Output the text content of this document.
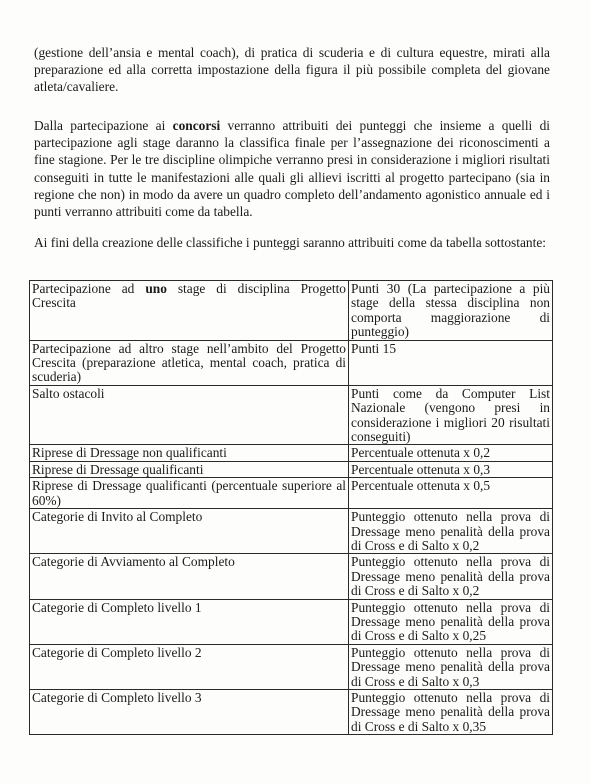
(gestione dell’ansia e mental coach), di pratica di scuderia e di cultura equestre, mirati alla preparazione ed alla corretta impostazione della figura il più possibile completa del giovane atleta/cavaliere.

Dalla partecipazione ai concorsi verranno attribuiti dei punteggi che insieme a quelli di partecipazione agli stage daranno la classifica finale per l’assegnazione dei riconoscimenti a fine stagione. Per le tre discipline olimpiche verranno presi in considerazione i migliori risultati conseguiti in tutte le manifestazioni alle quali gli allievi iscritti al progetto partecipano (sia in regione che non) in modo da avere un quadro completo dell’andamento agonistico annuale ed i punti verranno attribuiti come da tabella.

Ai fini della creazione delle classifiche i punteggi saranno attribuiti come da tabella sottostante:

Partecipazione ad uno stage di disciplina Progetto Crescita	Punti 30 (La partecipazione a più stage della stessa disciplina non comporta maggiorazione di punteggio)
Partecipazione ad altro stage nell’ambito del Progetto Crescita (preparazione atletica, mental coach, pratica di scuderia)	Punti 15
Salto ostacoli	Punti come da Computer List Nazionale (vengono presi in considerazione i migliori 20 risultati conseguiti)
Riprese di Dressage non qualificanti	Percentuale ottenuta x 0,2
Riprese di Dressage qualificanti	Percentuale ottenuta x 0,3
Riprese di Dressage qualificanti (percentuale superiore al 60%)	Percentuale ottenuta x 0,5
Categorie di Invito al Completo	Punteggio ottenuto nella prova di Dressage meno penalità della prova di Cross e di Salto x 0,2
Categorie di Avviamento al Completo	Punteggio ottenuto nella prova di Dressage meno penalità della prova di Cross e di Salto x 0,2
Categorie di Completo livello 1	Punteggio ottenuto nella prova di Dressage meno penalità della prova di Cross e di Salto x 0,25
Categorie di Completo livello 2	Punteggio ottenuto nella prova di Dressage meno penalità della prova di Cross e di Salto x 0,3
Categorie di Completo livello 3	Punteggio ottenuto nella prova di Dressage meno penalità della prova di Cross e di Salto x 0,35
